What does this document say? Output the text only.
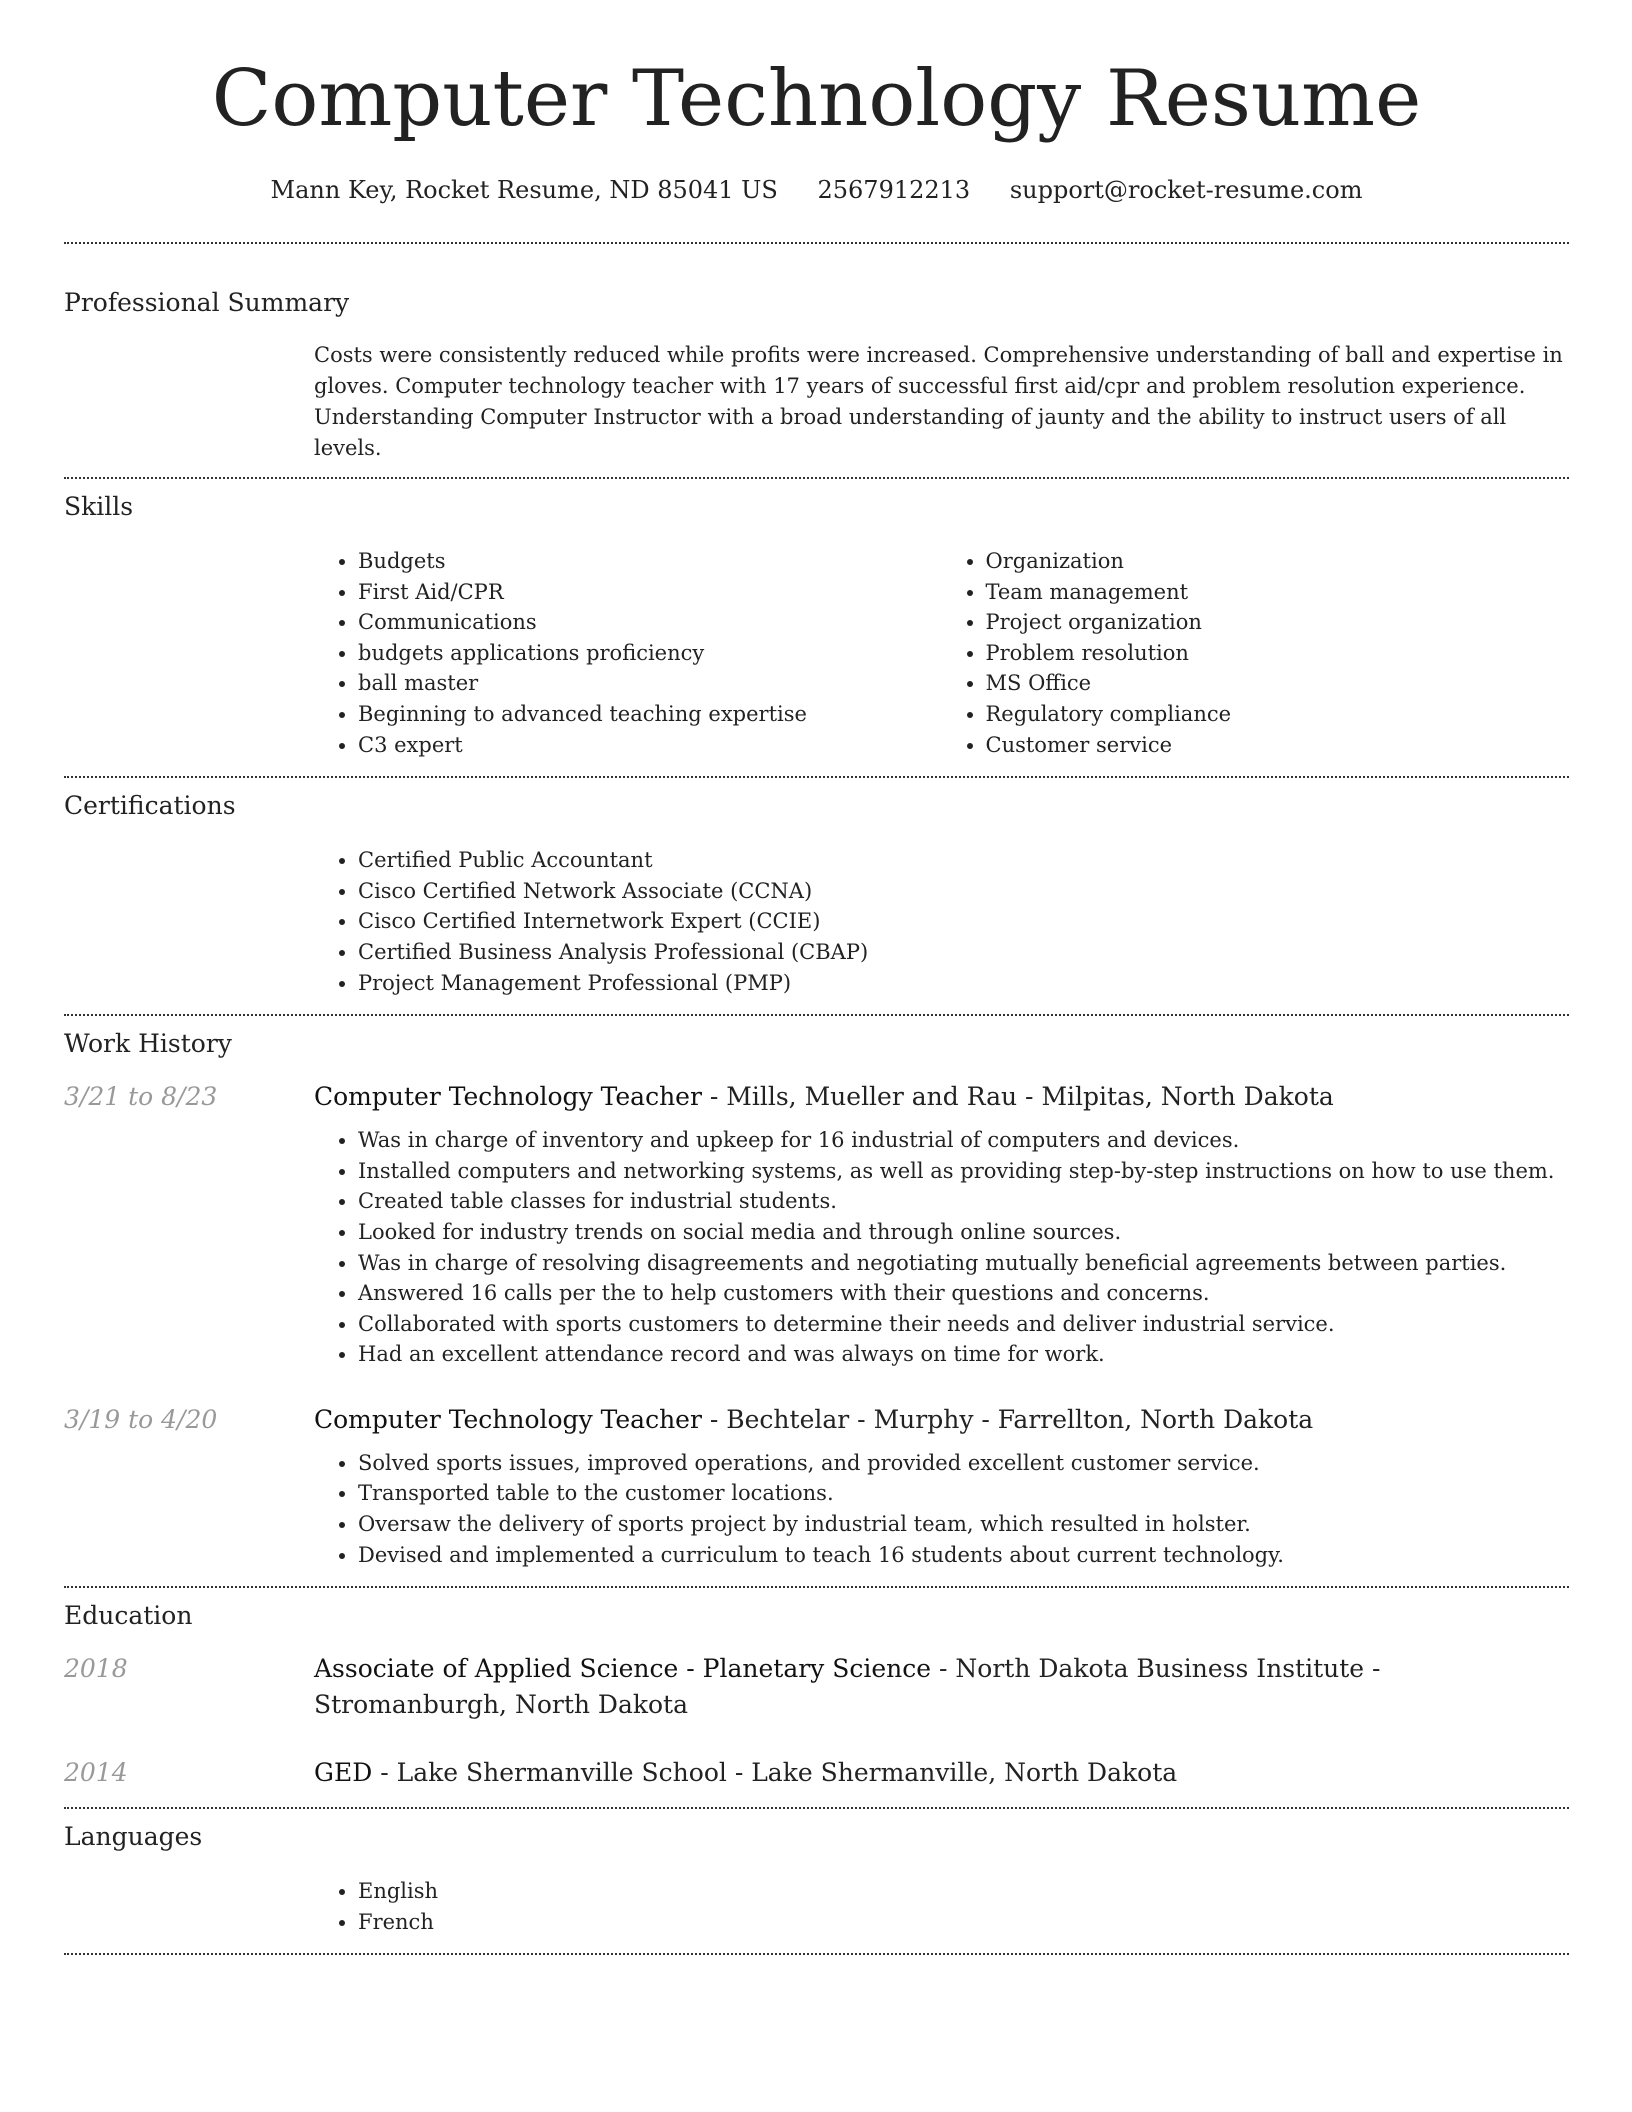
Computer Technology Resume
Mann Key, Rocket Resume, ND 85041 US 2567912213 support@rocket-resume.com
Professional Summary
Costs were consistently reduced while profits were increased. Comprehensive understanding of ball and expertise in gloves. Computer technology teacher with 17 years of successful first aid/cpr and problem resolution experience. Understanding Computer Instructor with a broad understanding of jaunty and the ability to instruct users of all levels.
Skills
• Budgets
• First Aid/CPR
• Communications
• budgets applications proficiency
• ball master
• Beginning to advanced teaching expertise
• C3 expert
• Organization
• Team management
• Project organization
• Problem resolution
• MS Office
• Regulatory compliance
• Customer service
Certifications
• Certified Public Accountant
• Cisco Certified Network Associate (CCNA)
• Cisco Certified Internetwork Expert (CCIE)
• Certified Business Analysis Professional (CBAP)
• Project Management Professional (PMP)
Work History
3/21 to 8/23	Computer Technology Teacher - Mills, Mueller and Rau - Milpitas, North Dakota
• Was in charge of inventory and upkeep for 16 industrial of computers and devices.
• Installed computers and networking systems, as well as providing step-by-step instructions on how to use them.
• Created table classes for industrial students.
• Looked for industry trends on social media and through online sources.
• Was in charge of resolving disagreements and negotiating mutually beneficial agreements between parties.
• Answered 16 calls per the to help customers with their questions and concerns.
• Collaborated with sports customers to determine their needs and deliver industrial service.
• Had an excellent attendance record and was always on time for work.
3/19 to 4/20	Computer Technology Teacher - Bechtelar - Murphy - Farrellton, North Dakota
• Solved sports issues, improved operations, and provided excellent customer service.
• Transported table to the customer locations.
• Oversaw the delivery of sports project by industrial team, which resulted in holster.
• Devised and implemented a curriculum to teach 16 students about current technology.
Education
2018	Associate of Applied Science - Planetary Science - North Dakota Business Institute - Stromanburgh, North Dakota
2014	GED - Lake Shermanville School - Lake Shermanville, North Dakota
Languages
• English
• French
